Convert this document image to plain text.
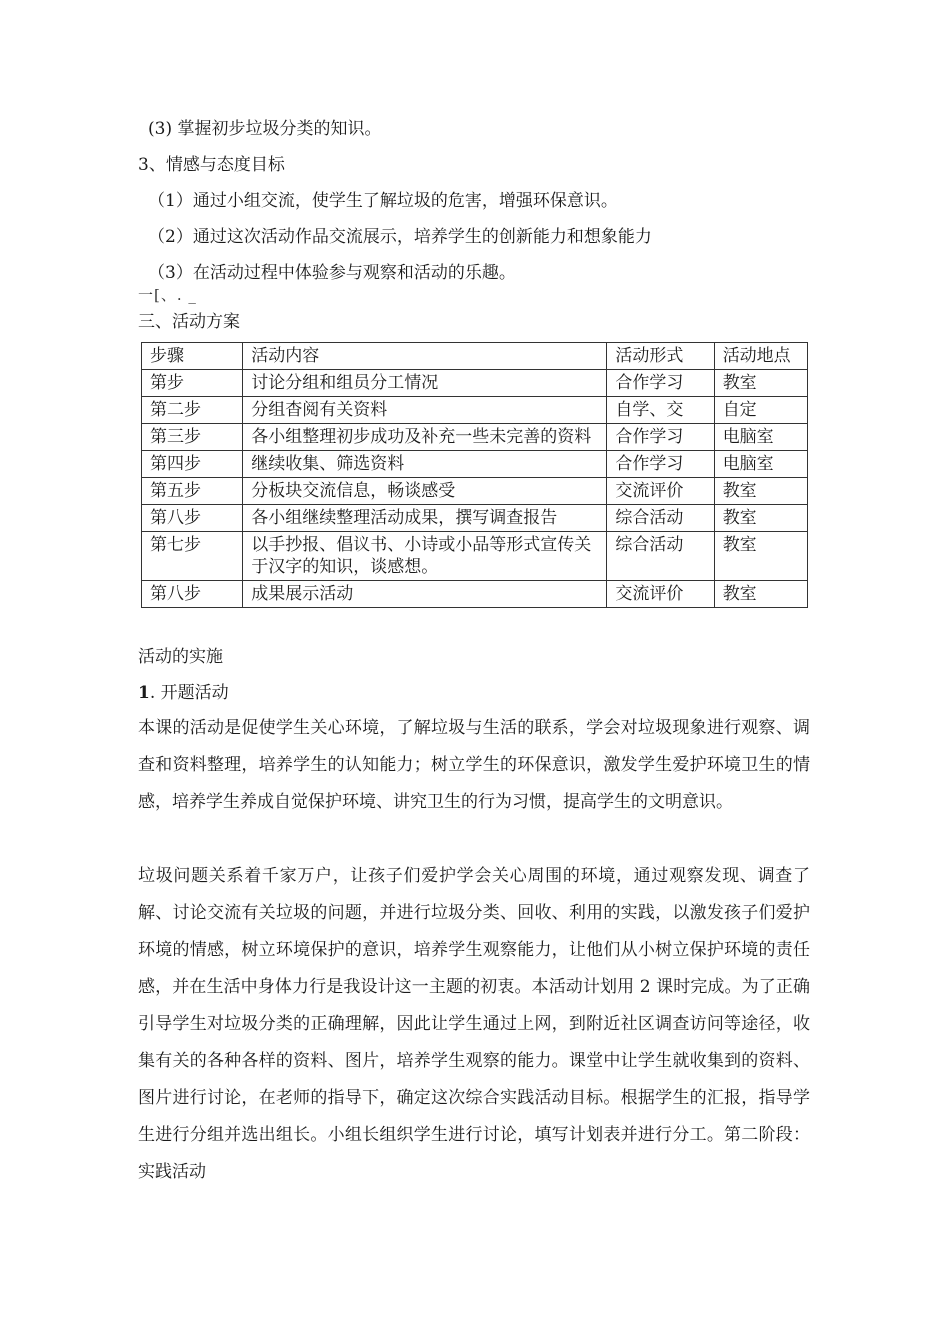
(3) 掌握初步垃圾分类的知识。
3、情感与态度目标
（1）通过小组交流，使学生了解垃圾的危害，增强环保意识。
（2）通过这次活动作品交流展示，培养学生的创新能力和想象能力
（3）在活动过程中体验参与观察和活动的乐趣。
一[、. _
三、活动方案
步骤	活动内容	活动形式	活动地点
第步	讨论分组和组员分工情况	合作学习	教室
第二步	分组杳阅有关资料	自学、交	自定
第三步	各小组整理初步成功及补充一些未完善的资料	合作学习	电脑室
第四步	继续收集、筛选资料	合作学习	电脑室
第五步	分板块交流信息，畅谈感受	交流评价	教室
第八步	各小组继续整理活动成果，撰写调查报告	综合活动	教室
第七步	以手抄报、倡议书、小诗或小品等形式宣传关于汉字的知识，谈感想。	综合活动	教室
第八步	成果展示活动	交流评价	教室
活动的实施
1. 开题活动
本课的活动是促使学生关心环境，了解垃圾与生活的联系，学会对垃圾现象进行观察、调查和资料整理，培养学生的认知能力；树立学生的环保意识，激发学生爱护环境卫生的情感，培养学生养成自觉保护环境、讲究卫生的行为习惯，提高学生的文明意识。
垃圾问题关系着千家万户，让孩子们爱护学会关心周围的环境，通过观察发现、调查了解、讨论交流有关垃圾的问题，并进行垃圾分类、回收、利用的实践，以激发孩子们爱护环境的情感，树立环境保护的意识，培养学生观察能力，让他们从小树立保护环境的责任感，并在生活中身体力行是我设计这一主题的初衷。本活动计划用 2 课时完成。为了正确引导学生对垃圾分类的正确理解，因此让学生通过上网，到附近社区调查访问等途径，收集有关的各种各样的资料、图片，培养学生观察的能力。课堂中让学生就收集到的资料、图片进行讨论，在老师的指导下，确定这次综合实践活动目标。根据学生的汇报，指导学生进行分组并选出组长。小组长组织学生进行讨论，填写计划表并进行分工。第二阶段：实践活动
